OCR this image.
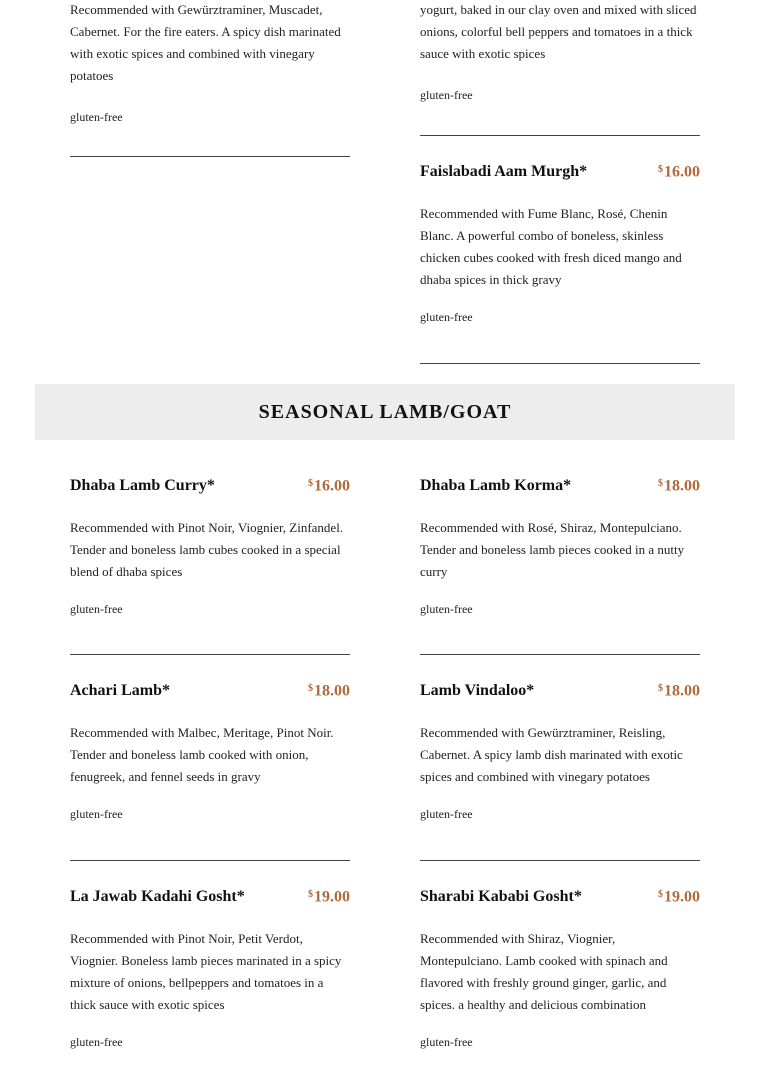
Recommended with Gewürztraminer, Muscadet, Cabernet. For the fire eaters. A spicy dish marinated with exotic spices and combined with vinegary potatoes
gluten-free
yogurt, baked in our clay oven and mixed with sliced onions, colorful bell peppers and tomatoes in a thick sauce with exotic spices
gluten-free
Faislabadi Aam Murgh*	$16.00
Recommended with Fume Blanc, Rosé, Chenin Blanc. A powerful combo of boneless, skinless chicken cubes cooked with fresh diced mango and dhaba spices in thick gravy
gluten-free
SEASONAL LAMB/GOAT
Dhaba Lamb Curry*	$16.00
Recommended with Pinot Noir, Viognier, Zinfandel. Tender and boneless lamb cubes cooked in a special blend of dhaba spices
gluten-free
Dhaba Lamb Korma*	$18.00
Recommended with Rosé, Shiraz, Montepulciano. Tender and boneless lamb pieces cooked in a nutty curry
gluten-free
Achari Lamb*	$18.00
Recommended with Malbec, Meritage, Pinot Noir. Tender and boneless lamb cooked with onion, fenugreek, and fennel seeds in gravy
gluten-free
Lamb Vindaloo*	$18.00
Recommended with Gewürztraminer, Reisling, Cabernet. A spicy lamb dish marinated with exotic spices and combined with vinegary potatoes
gluten-free
La Jawab Kadahi Gosht*	$19.00
Recommended with Pinot Noir, Petit Verdot, Viognier. Boneless lamb pieces marinated in a spicy mixture of onions, bellpeppers and tomatoes in a thick sauce with exotic spices
gluten-free
Sharabi Kababi Gosht*	$19.00
Recommended with Shiraz, Viognier, Montepulciano. Lamb cooked with spinach and flavored with freshly ground ginger, garlic, and spices. a healthy and delicious combination
gluten-free
